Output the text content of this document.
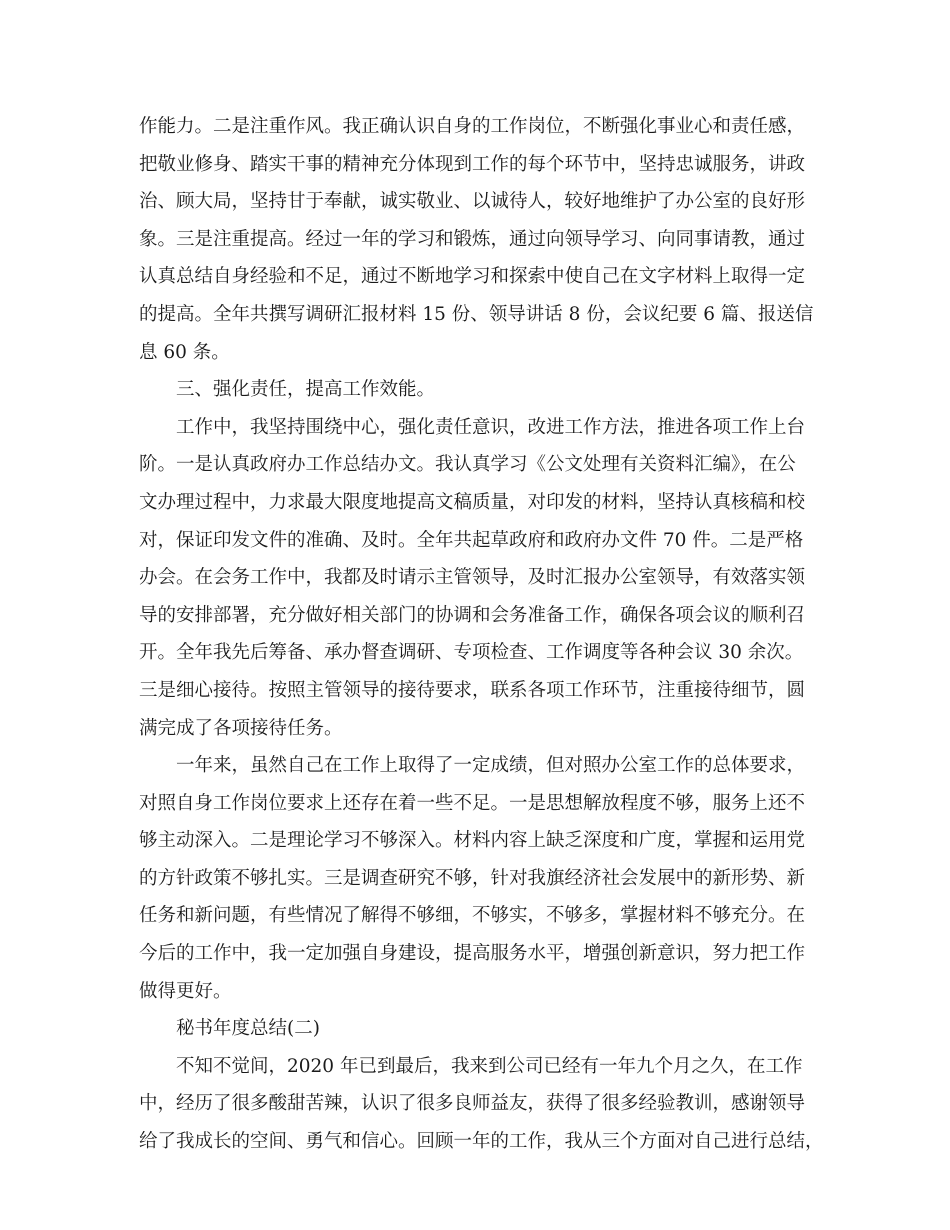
作能力。二是注重作风。我正确认识自身的工作岗位，不断强化事业心和责任感，
把敬业修身、踏实干事的精神充分体现到工作的每个环节中，坚持忠诚服务，讲政
治、顾大局，坚持甘于奉献，诚实敬业、以诚待人，较好地维护了办公室的良好形
象。三是注重提高。经过一年的学习和锻炼，通过向领导学习、向同事请教，通过
认真总结自身经验和不足，通过不断地学习和探索中使自己在文字材料上取得一定
的提高。全年共撰写调研汇报材料 15 份、领导讲话 8 份，会议纪要 6 篇、报送信
息 60 条。
三、强化责任，提高工作效能。
工作中，我坚持围绕中心，强化责任意识，改进工作方法，推进各项工作上台
阶。一是认真政府办工作总结办文。我认真学习《公文处理有关资料汇编》，在公
文办理过程中，力求最大限度地提高文稿质量，对印发的材料，坚持认真核稿和校
对，保证印发文件的准确、及时。全年共起草政府和政府办文件 70 件。二是严格
办会。在会务工作中，我都及时请示主管领导，及时汇报办公室领导，有效落实领
导的安排部署，充分做好相关部门的协调和会务准备工作，确保各项会议的顺利召
开。全年我先后筹备、承办督查调研、专项检查、工作调度等各种会议 30 余次。
三是细心接待。按照主管领导的接待要求，联系各项工作环节，注重接待细节，圆
满完成了各项接待任务。
一年来，虽然自己在工作上取得了一定成绩，但对照办公室工作的总体要求，
对照自身工作岗位要求上还存在着一些不足。一是思想解放程度不够，服务上还不
够主动深入。二是理论学习不够深入。材料内容上缺乏深度和广度，掌握和运用党
的方针政策不够扎实。三是调查研究不够，针对我旗经济社会发展中的新形势、新
任务和新问题，有些情况了解得不够细，不够实，不够多，掌握材料不够充分。在
今后的工作中，我一定加强自身建设，提高服务水平，增强创新意识，努力把工作
做得更好。
秘书年度总结(二)
不知不觉间，2020 年已到最后，我来到公司已经有一年九个月之久，在工作
中，经历了很多酸甜苦辣，认识了很多良师益友，获得了很多经验教训，感谢领导
给了我成长的空间、勇气和信心。回顾一年的工作，我从三个方面对自己进行总结，
